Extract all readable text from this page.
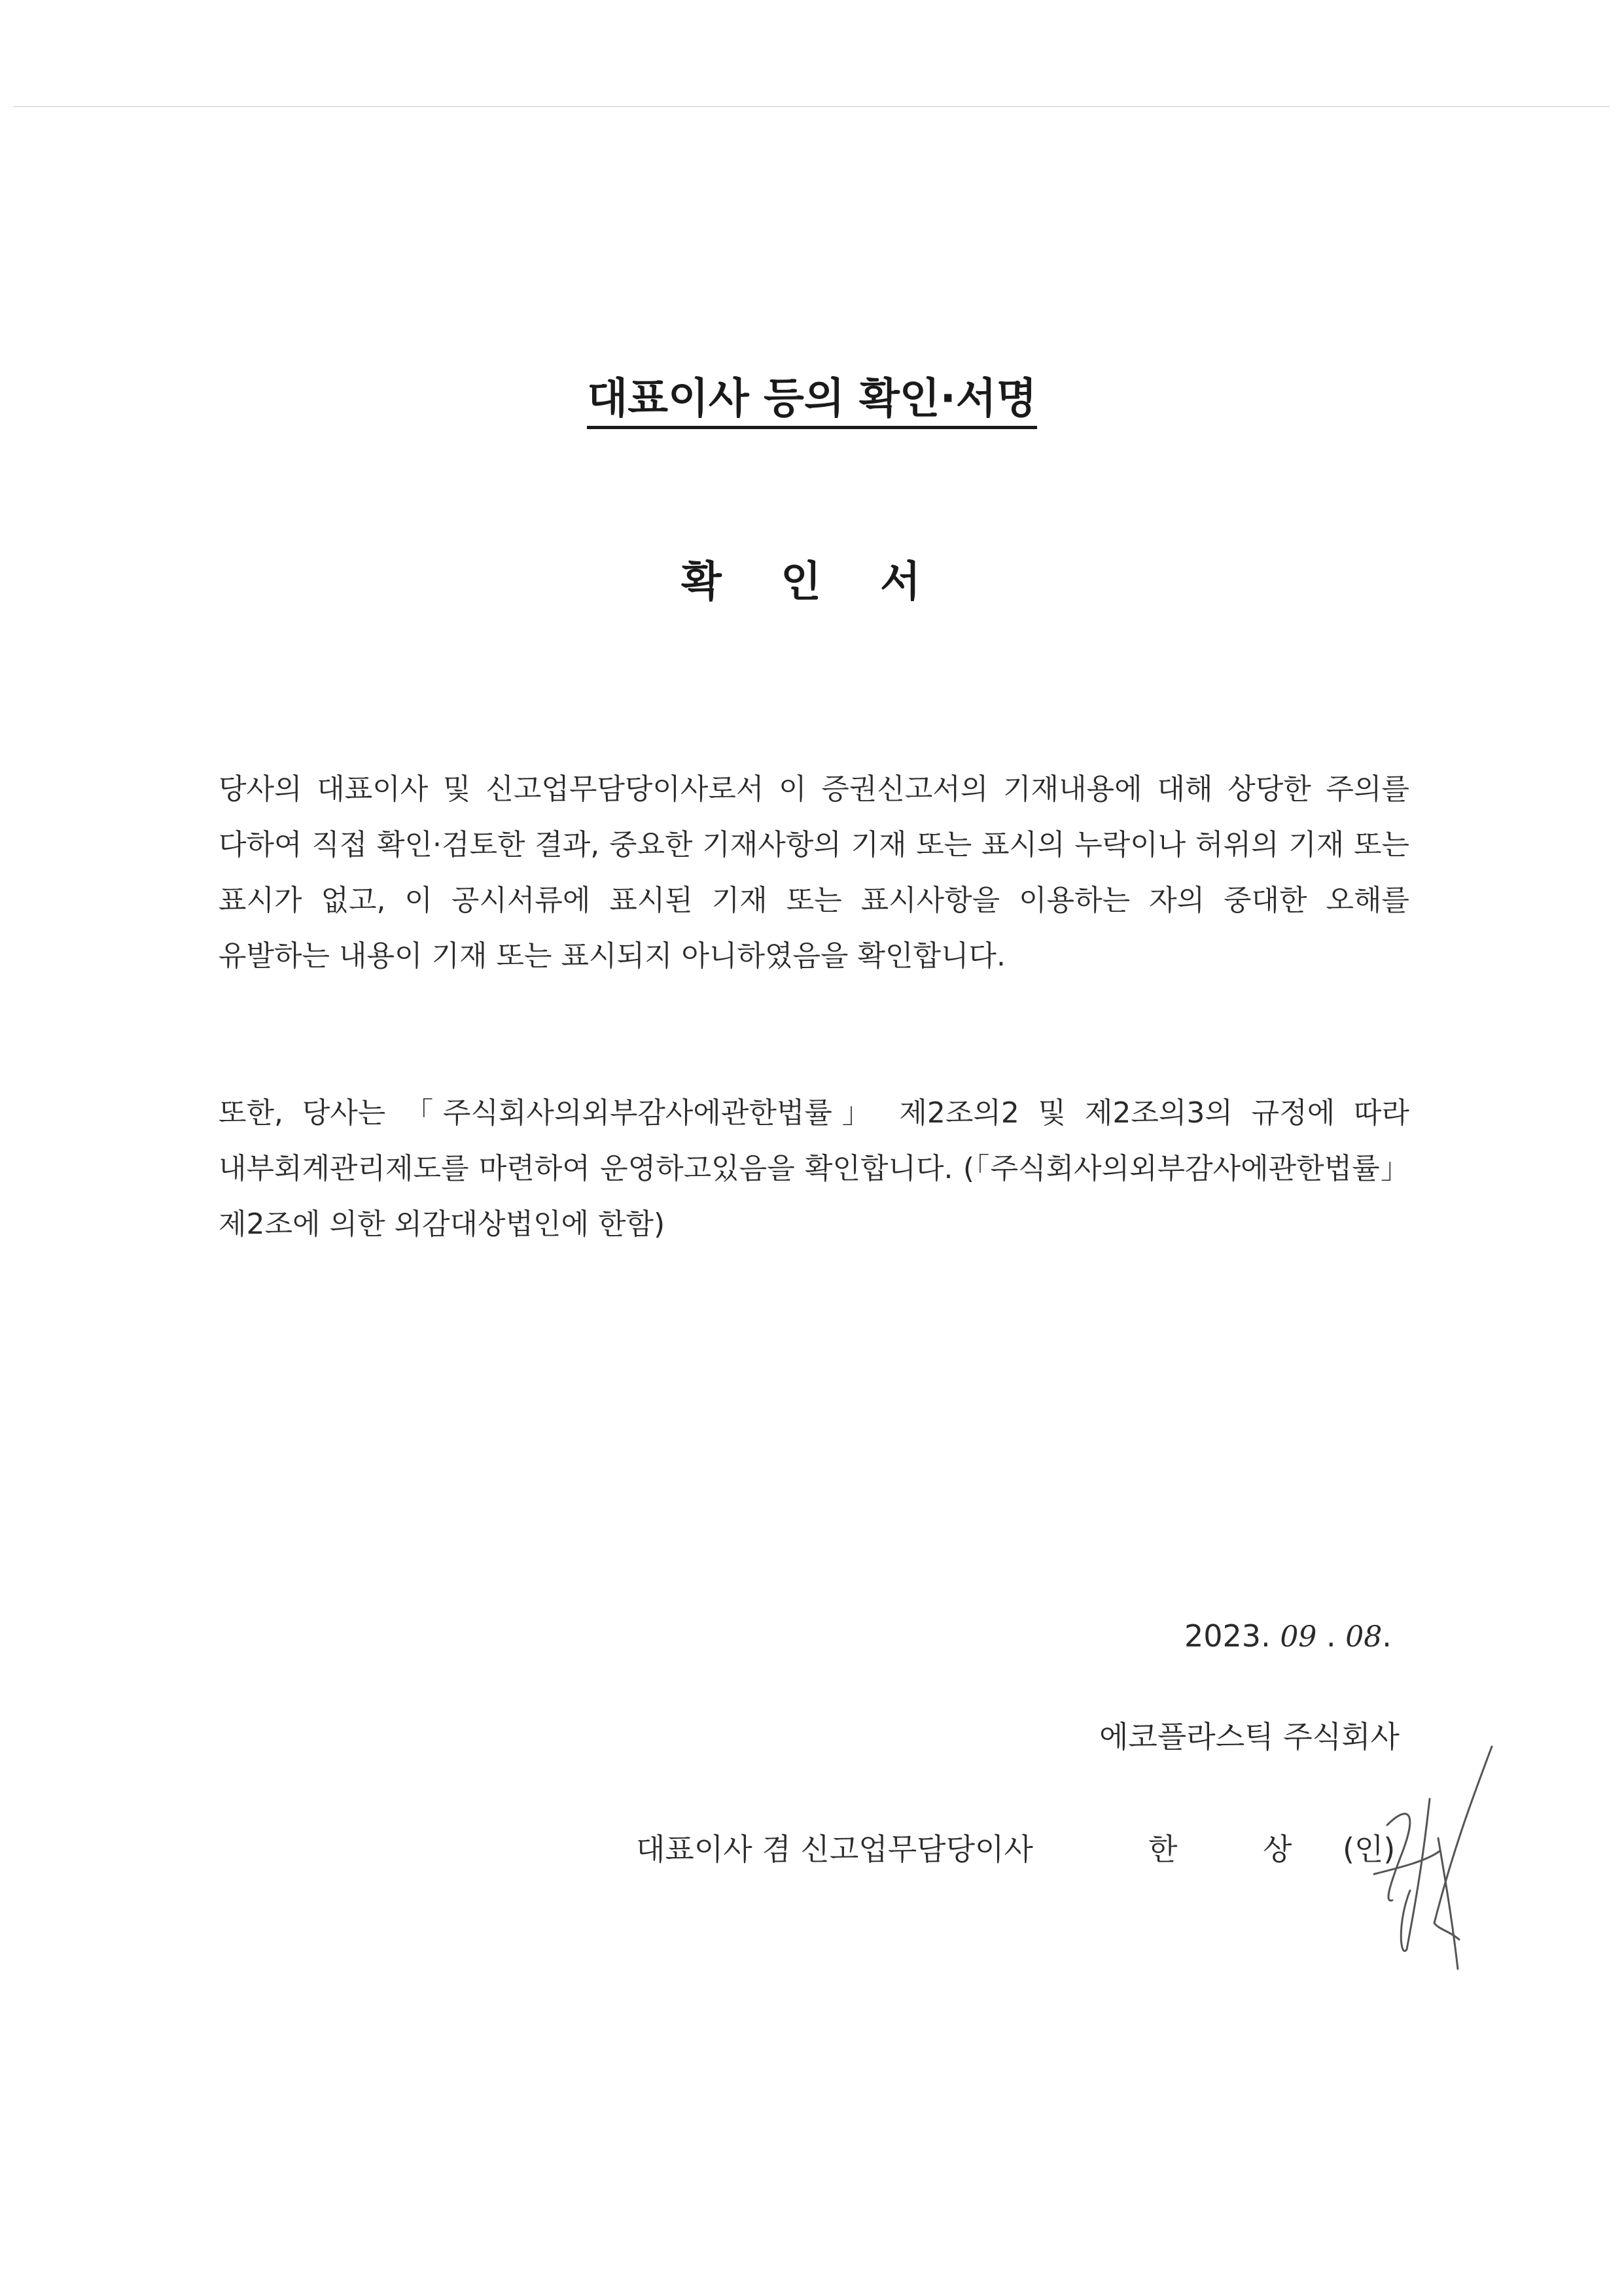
대표이사 등의 확인·서명
확 인 서

당사의 대표이사 및 신고업무담당이사로서 이 증권신고서의 기재내용에 대해 상당한 주의를 다하여 직접 확인·검토한 결과, 중요한 기재사항의 기재 또는 표시의 누락이나 허위의 기재 또는 표시가 없고, 이 공시서류에 표시된 기재 또는 표시사항을 이용하는 자의 중대한 오해를 유발하는 내용이 기재 또는 표시되지 아니하였음을 확인합니다.

또한, 당사는 「주식회사의외부감사에관한법률」 제2조의2 및 제2조의3의 규정에 따라 내부회계관리제도를 마련하여 운영하고있음을 확인합니다. (「주식회사의외부감사에관한법률」 제2조에 의한 외감대상법인에 한함)

2023. 09 . 08.
에코플라스틱 주식회사
대표이사 겸 신고업무담당이사	한 상 (인)
